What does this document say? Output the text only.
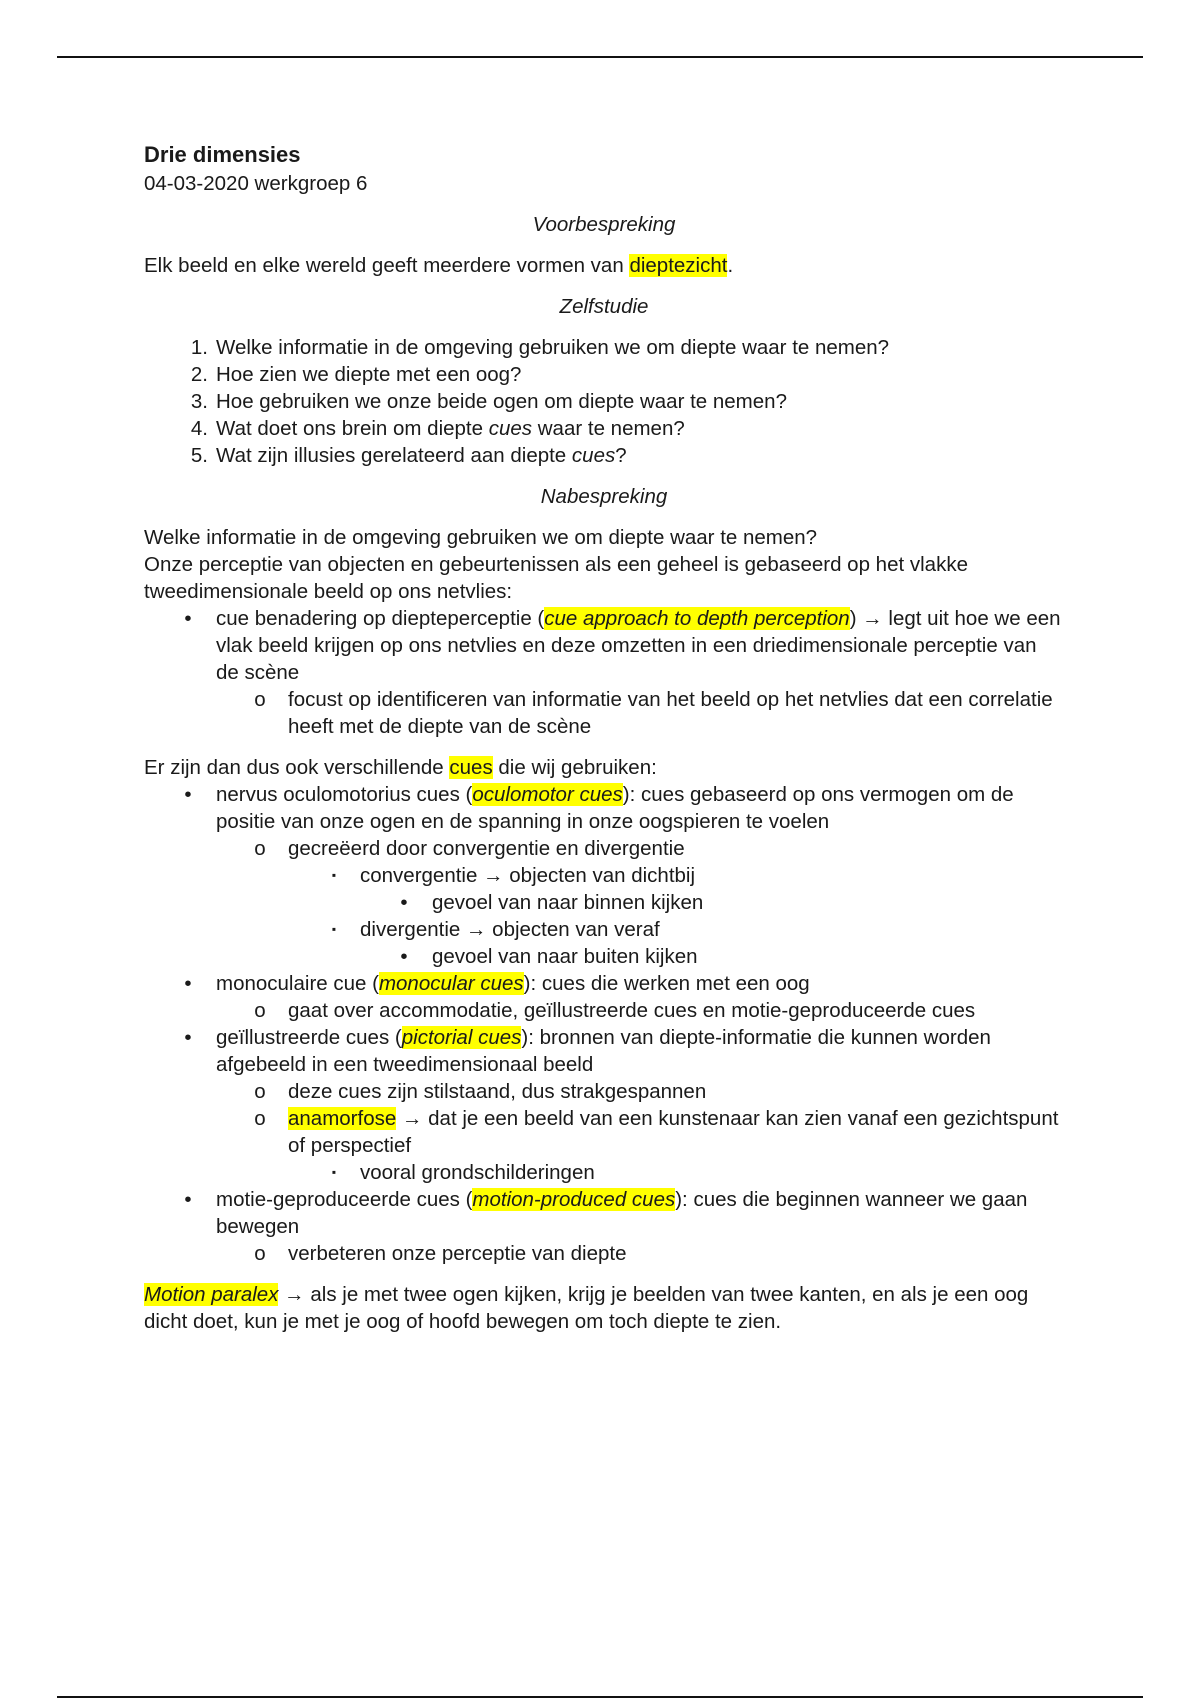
Drie dimensies

04-03-2020 werkgroep 6

Voorbespreking

Elk beeld en elke wereld geeft meerdere vormen van dieptezicht.

Zelfstudie

1. Welke informatie in de omgeving gebruiken we om diepte waar te nemen?
2. Hoe zien we diepte met een oog?
3. Hoe gebruiken we onze beide ogen om diepte waar te nemen?
4. Wat doet ons brein om diepte cues waar te nemen?
5. Wat zijn illusies gerelateerd aan diepte cues?

Nabespreking

Welke informatie in de omgeving gebruiken we om diepte waar te nemen?

Onze perceptie van objecten en gebeurtenissen als een geheel is gebaseerd op het vlakke tweedimensionale beeld op ons netvlies:

•	cue benadering op diepteperceptie (cue approach to depth perception) → legt uit hoe we een vlak beeld krijgen op ons netvlies en deze omzetten in een driedimensionale perceptie van de scène
o focust op identificeren van informatie van het beeld op het netvlies dat een correlatie heeft met de diepte van de scène

Er zijn dan dus ook verschillende cues die wij gebruiken:

•	nervus oculomotorius cues (oculomotor cues): cues gebaseerd op ons vermogen om de positie van onze ogen en de spanning in onze oogspieren te voelen
o gecreëerd door convergentie en divergentie
▪	convergentie → objecten van dichtbij
•	gevoel van naar binnen kijken
▪	divergentie → objecten van veraf
•	gevoel van naar buiten kijken
•	monoculaire cue (monocular cues): cues die werken met een oog
o gaat over accommodatie, geïllustreerde cues en motie-geproduceerde cues
•	geïllustreerde cues (pictorial cues): bronnen van diepte-informatie die kunnen worden afgebeeld in een tweedimensionaal beeld
o deze cues zijn stilstaand, dus strakgespannen
o anamorfose → dat je een beeld van een kunstenaar kan zien vanaf een gezichtspunt of perspectief
▪	vooral grondschilderingen
•	motie-geproduceerde cues (motion-produced cues): cues die beginnen wanneer we gaan bewegen
o verbeteren onze perceptie van diepte

Motion paralex → als je met twee ogen kijken, krijg je beelden van twee kanten, en als je een oog dicht doet, kun je met je oog of hoofd bewegen om toch diepte te zien.
